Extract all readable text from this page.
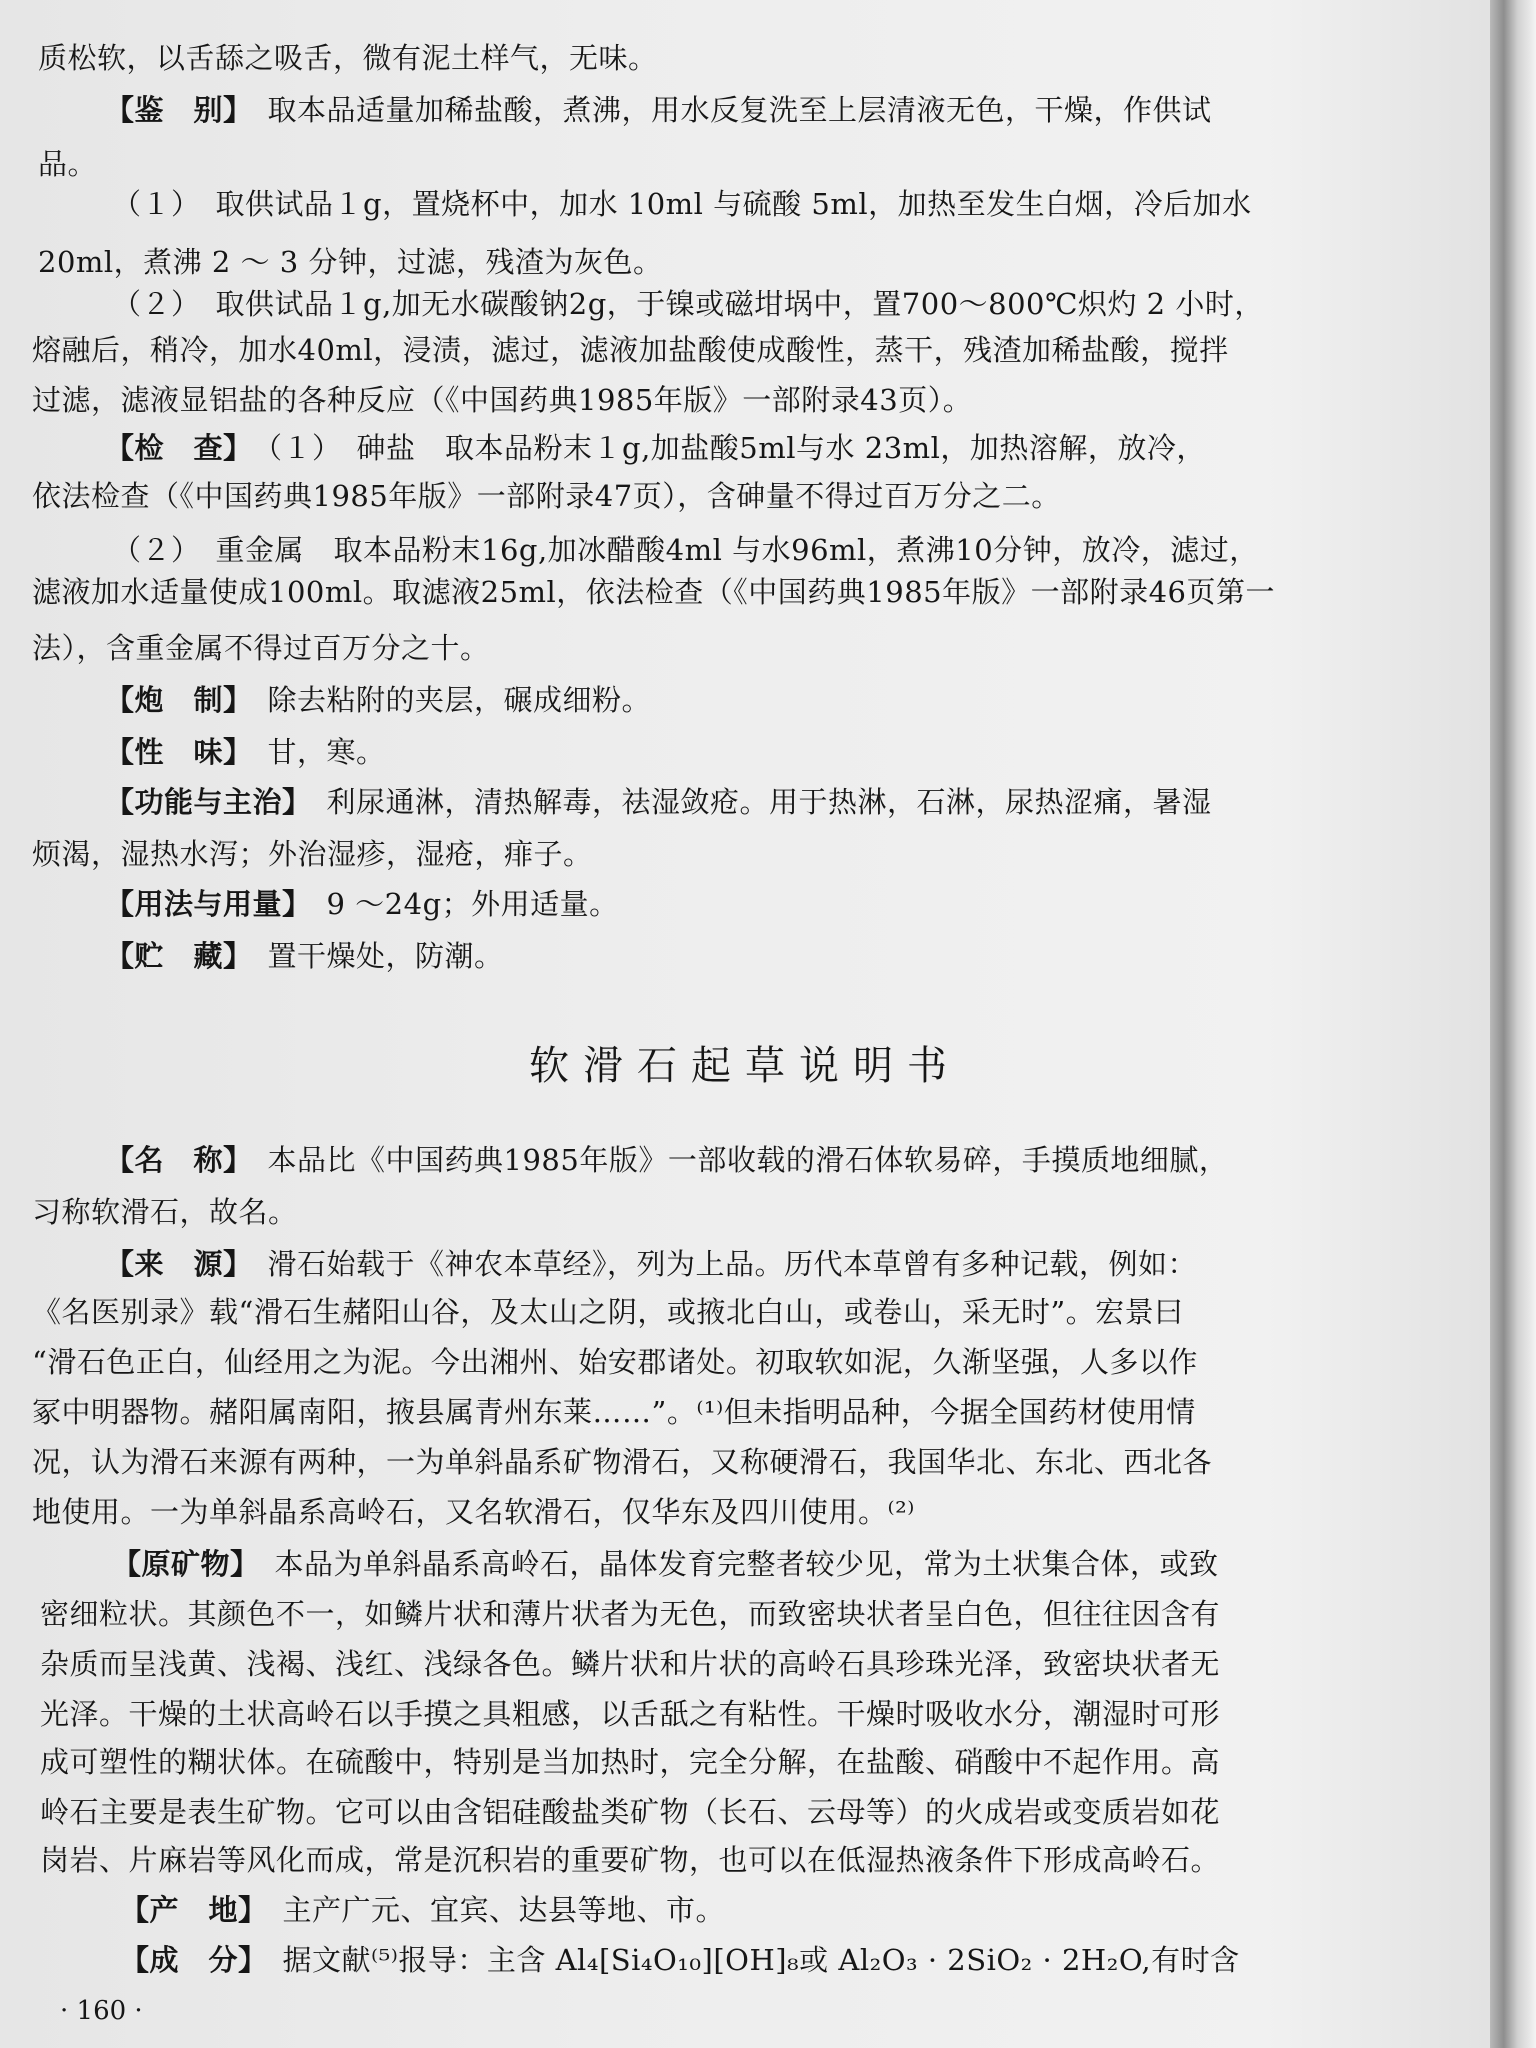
质松软，以舌舔之吸舌，微有泥土样气，无味。
【鉴　别】　取本品适量加稀盐酸，煮沸，用水反复洗至上层清液无色，干燥，作供试
品。
（１）　取供试品１g，置烧杯中，加水 10ml 与硫酸 5ml，加热至发生白烟，冷后加水
20ml，煮沸 2 ～ 3 分钟，过滤，残渣为灰色。
（２）　取供试品１g,加无水碳酸钠2g，于镍或磁坩埚中，置700～800℃炽灼 2 小时，
熔融后，稍冷，加水40ml，浸渍，滤过，滤液加盐酸使成酸性，蒸干，残渣加稀盐酸，搅拌
过滤，滤液显铝盐的各种反应（《中国药典1985年版》一部附录43页）。
【检　查】　（１）　砷盐　取本品粉末１g,加盐酸5ml与水 23ml，加热溶解，放冷，
依法检查（《中国药典1985年版》一部附录47页），含砷量不得过百万分之二。
（２）　重金属　取本品粉末16g,加冰醋酸4ml 与水96ml，煮沸10分钟，放冷，滤过，
滤液加水适量使成100ml。取滤液25ml，依法检查（《中国药典1985年版》一部附录46页第一
法），含重金属不得过百万分之十。
【炮　制】　除去粘附的夹层，碾成细粉。
【性　味】　甘，寒。
【功能与主治】　利尿通淋，清热解毒，祛湿敛疮。用于热淋，石淋，尿热涩痛，暑湿
烦渴，湿热水泻；外治湿疹，湿疮，痱子。
【用法与用量】　9 ～24g；外用适量。
【贮　藏】　置干燥处，防潮。
软滑石起草说明书
【名　称】　本品比《中国药典1985年版》一部收载的滑石体软易碎，手摸质地细腻，
习称软滑石，故名。
【来　源】　滑石始载于《神农本草经》，列为上品。历代本草曾有多种记载，例如：
《名医别录》载“滑石生赭阳山谷，及太山之阴，或掖北白山，或卷山，采无时”。宏景曰
“滑石色正白，仙经用之为泥。今出湘州、始安郡诸处。初取软如泥，久渐坚强，人多以作
冢中明器物。赭阳属南阳，掖县属青州东莱……”。⁽¹⁾但未指明品种，今据全国药材使用情
况，认为滑石来源有两种，一为单斜晶系矿物滑石，又称硬滑石，我国华北、东北、西北各
地使用。一为单斜晶系高岭石，又名软滑石，仅华东及四川使用。⁽²⁾
【原矿物】　本品为单斜晶系高岭石，晶体发育完整者较少见，常为土状集合体，或致
密细粒状。其颜色不一，如鳞片状和薄片状者为无色，而致密块状者呈白色，但往往因含有
杂质而呈浅黄、浅褐、浅红、浅绿各色。鳞片状和片状的高岭石具珍珠光泽，致密块状者无
光泽。干燥的土状高岭石以手摸之具粗感，以舌舐之有粘性。干燥时吸收水分，潮湿时可形
成可塑性的糊状体。在硫酸中，特别是当加热时，完全分解，在盐酸、硝酸中不起作用。高
岭石主要是表生矿物。它可以由含铝硅酸盐类矿物（长石、云母等）的火成岩或变质岩如花
岗岩、片麻岩等风化而成，常是沉积岩的重要矿物，也可以在低湿热液条件下形成高岭石。
【产　地】　主产广元、宜宾、达县等地、市。
【成　分】　据文献⁽⁵⁾报导：主含 Al₄[Si₄O₁₀][OH]₈或 Al₂O₃ · 2SiO₂ · 2H₂O,有时含
· 160 ·
